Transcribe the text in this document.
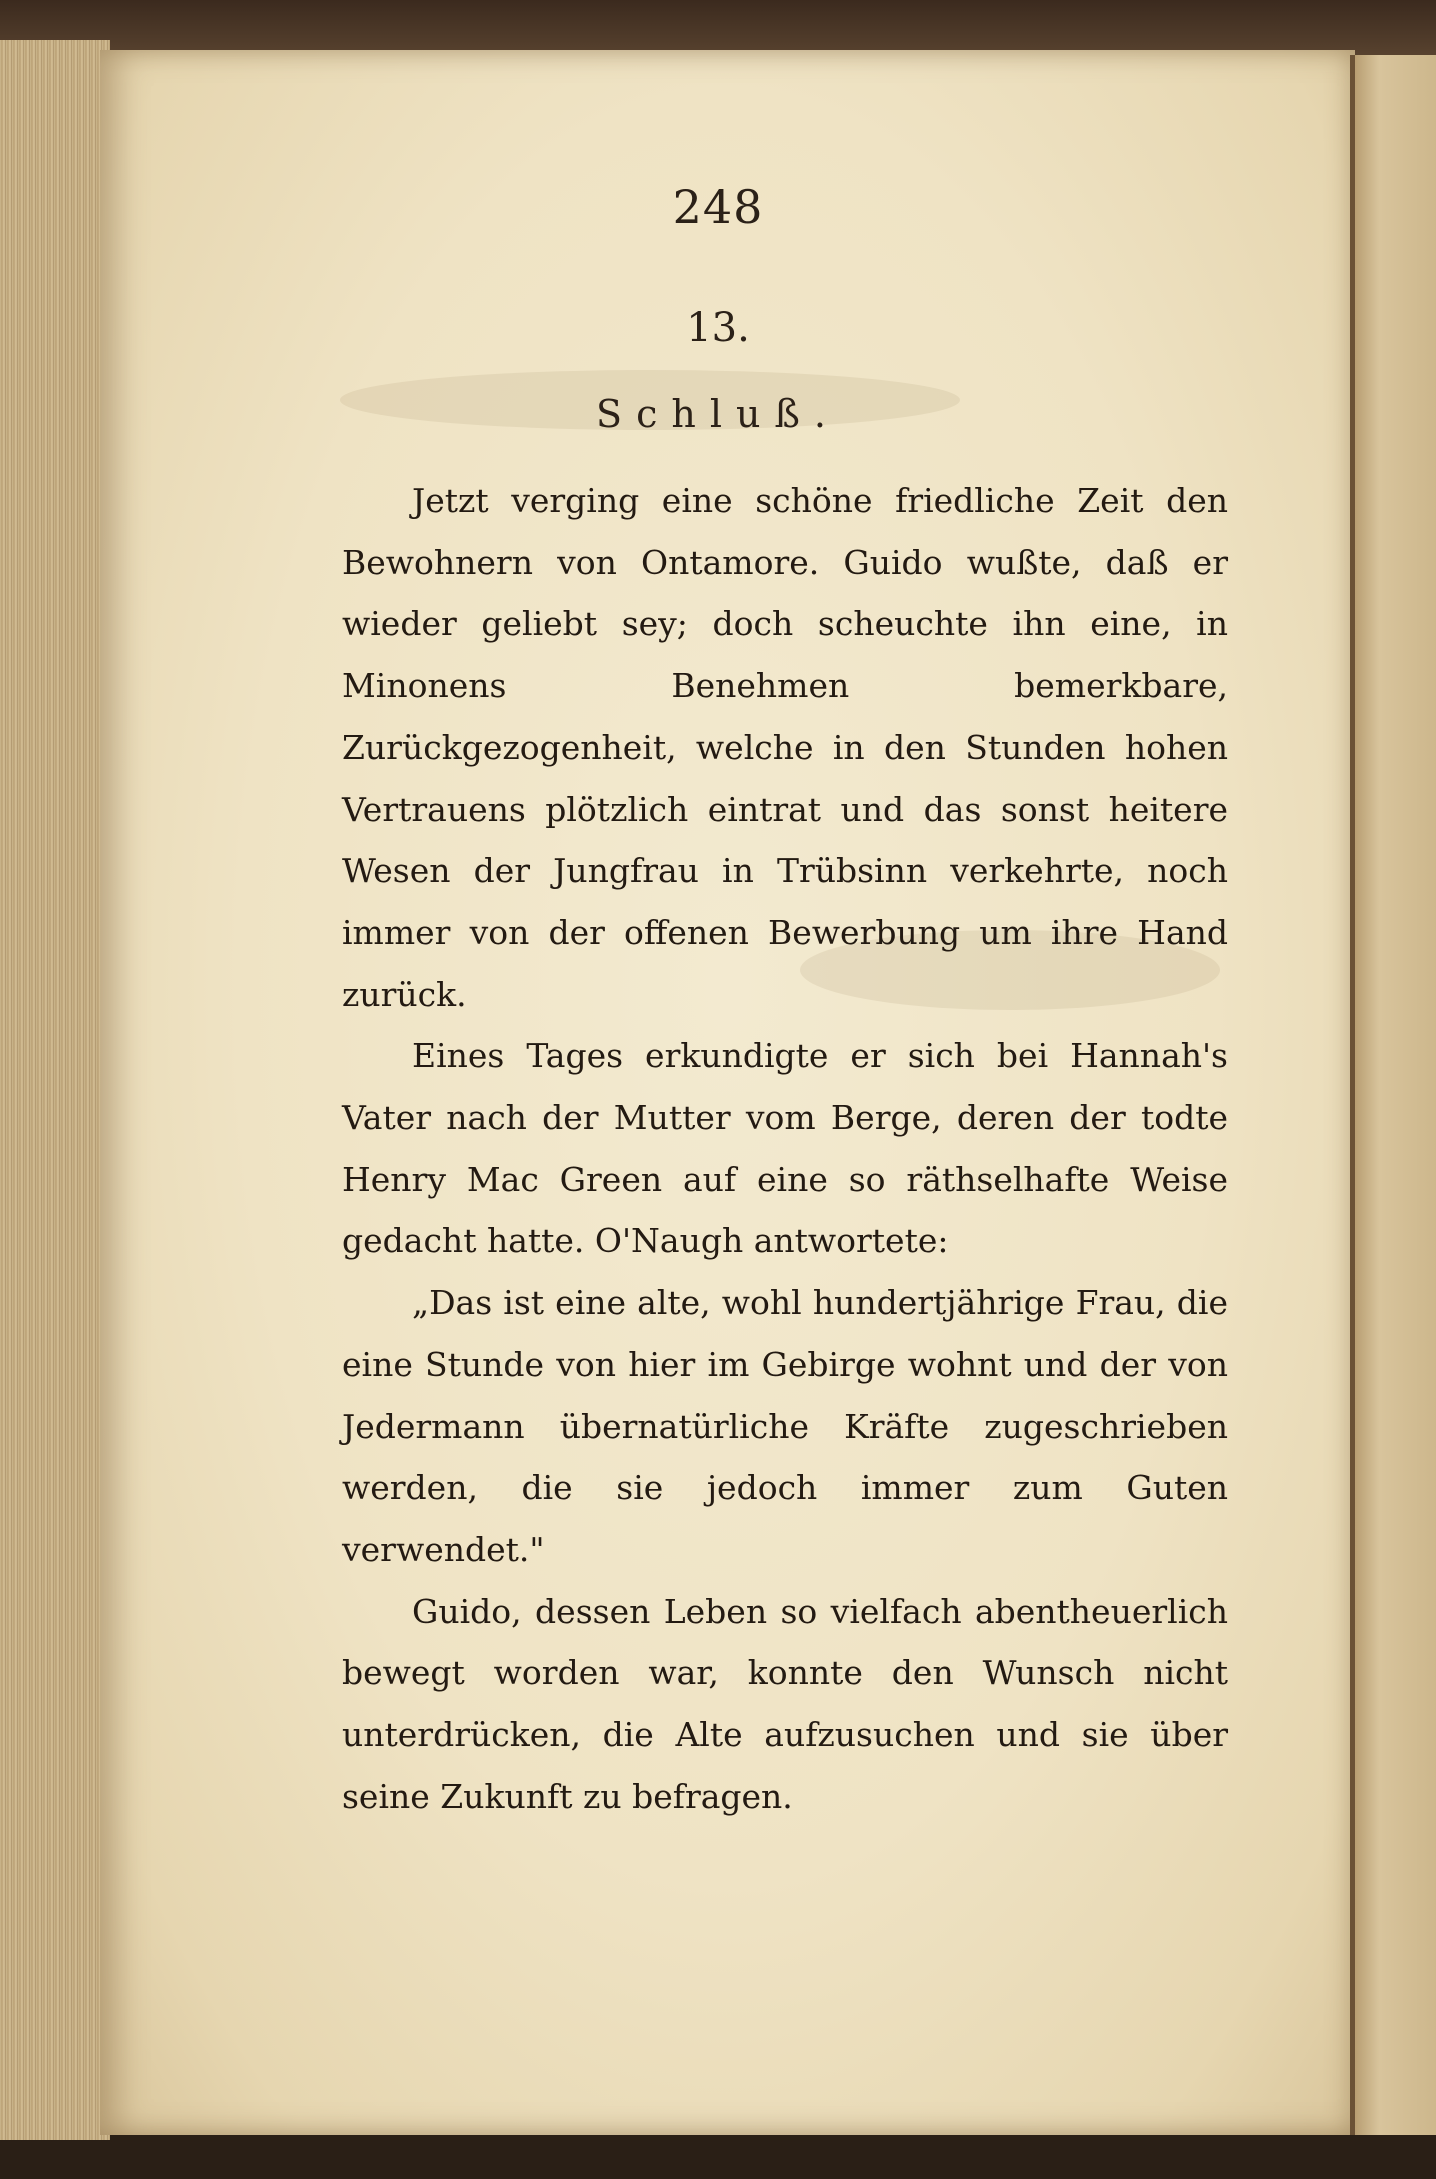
248
13.
Schluß.

Jetzt verging eine schöne friedliche Zeit den Bewohnern von Ontamore. Guido wußte, daß er wieder geliebt sey; doch scheuchte ihn eine, in Minonens Benehmen bemerkbare, Zurückgezogenheit, welche in den Stunden hohen Vertrauens plötzlich eintrat und das sonst heitere Wesen der Jungfrau in Trübsinn verkehrte, noch immer von der offenen Bewerbung um ihre Hand zurück.

Eines Tages erkundigte er sich bei Hannah's Vater nach der Mutter vom Berge, deren der todte Henry Mac Green auf eine so räthselhafte Weise gedacht hatte. O'Naugh antwortete:

„Das ist eine alte, wohl hundertjährige Frau, die eine Stunde von hier im Gebirge wohnt und der von Jedermann übernatürliche Kräfte zugeschrieben werden, die sie jedoch immer zum Guten verwendet."

Guido, dessen Leben so vielfach abentheuerlich bewegt worden war, konnte den Wunsch nicht unterdrücken, die Alte aufzusuchen und sie über seine Zukunft zu befragen.
